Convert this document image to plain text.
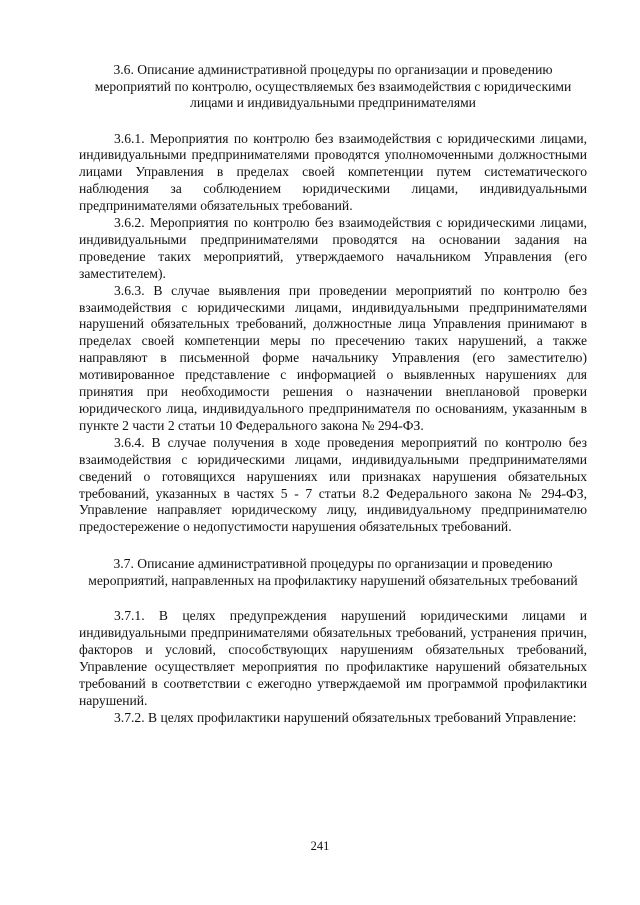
3.6. Описание административной процедуры по организации и проведению мероприятий по контролю, осуществляемых без взаимодействия с юридическими лицами и индивидуальными предпринимателями

3.6.1. Мероприятия по контролю без взаимодействия с юридическими лицами, индивидуальными предпринимателями проводятся уполномоченными должностными лицами Управления в пределах своей компетенции путем систематического наблюдения за соблюдением юридическими лицами, индивидуальными предпринимателями обязательных требований.

3.6.2. Мероприятия по контролю без взаимодействия с юридическими лицами, индивидуальными предпринимателями проводятся на основании задания на проведение таких мероприятий, утверждаемого начальником Управления (его заместителем).

3.6.3. В случае выявления при проведении мероприятий по контролю без взаимодействия с юридическими лицами, индивидуальными предпринимателями нарушений обязательных требований, должностные лица Управления принимают в пределах своей компетенции меры по пресечению таких нарушений, а также направляют в письменной форме начальнику Управления (его заместителю) мотивированное представление с информацией о выявленных нарушениях для принятия при необходимости решения о назначении внеплановой проверки юридического лица, индивидуального предпринимателя по основаниям, указанным в пункте 2 части 2 статьи 10 Федерального закона № 294-ФЗ.

3.6.4. В случае получения в ходе проведения мероприятий по контролю без взаимодействия с юридическими лицами, индивидуальными предпринимателями сведений о готовящихся нарушениях или признаках нарушения обязательных требований, указанных в частях 5 - 7 статьи 8.2 Федерального закона № 294-ФЗ, Управление направляет юридическому лицу, индивидуальному предпринимателю предостережение о недопустимости нарушения обязательных требований.

3.7. Описание административной процедуры по организации и проведению мероприятий, направленных на профилактику нарушений обязательных требований

3.7.1. В целях предупреждения нарушений юридическими лицами и индивидуальными предпринимателями обязательных требований, устранения причин, факторов и условий, способствующих нарушениям обязательных требований, Управление осуществляет мероприятия по профилактике нарушений обязательных требований в соответствии с ежегодно утверждаемой им программой профилактики нарушений.

3.7.2. В целях профилактики нарушений обязательных требований Управление:

241
